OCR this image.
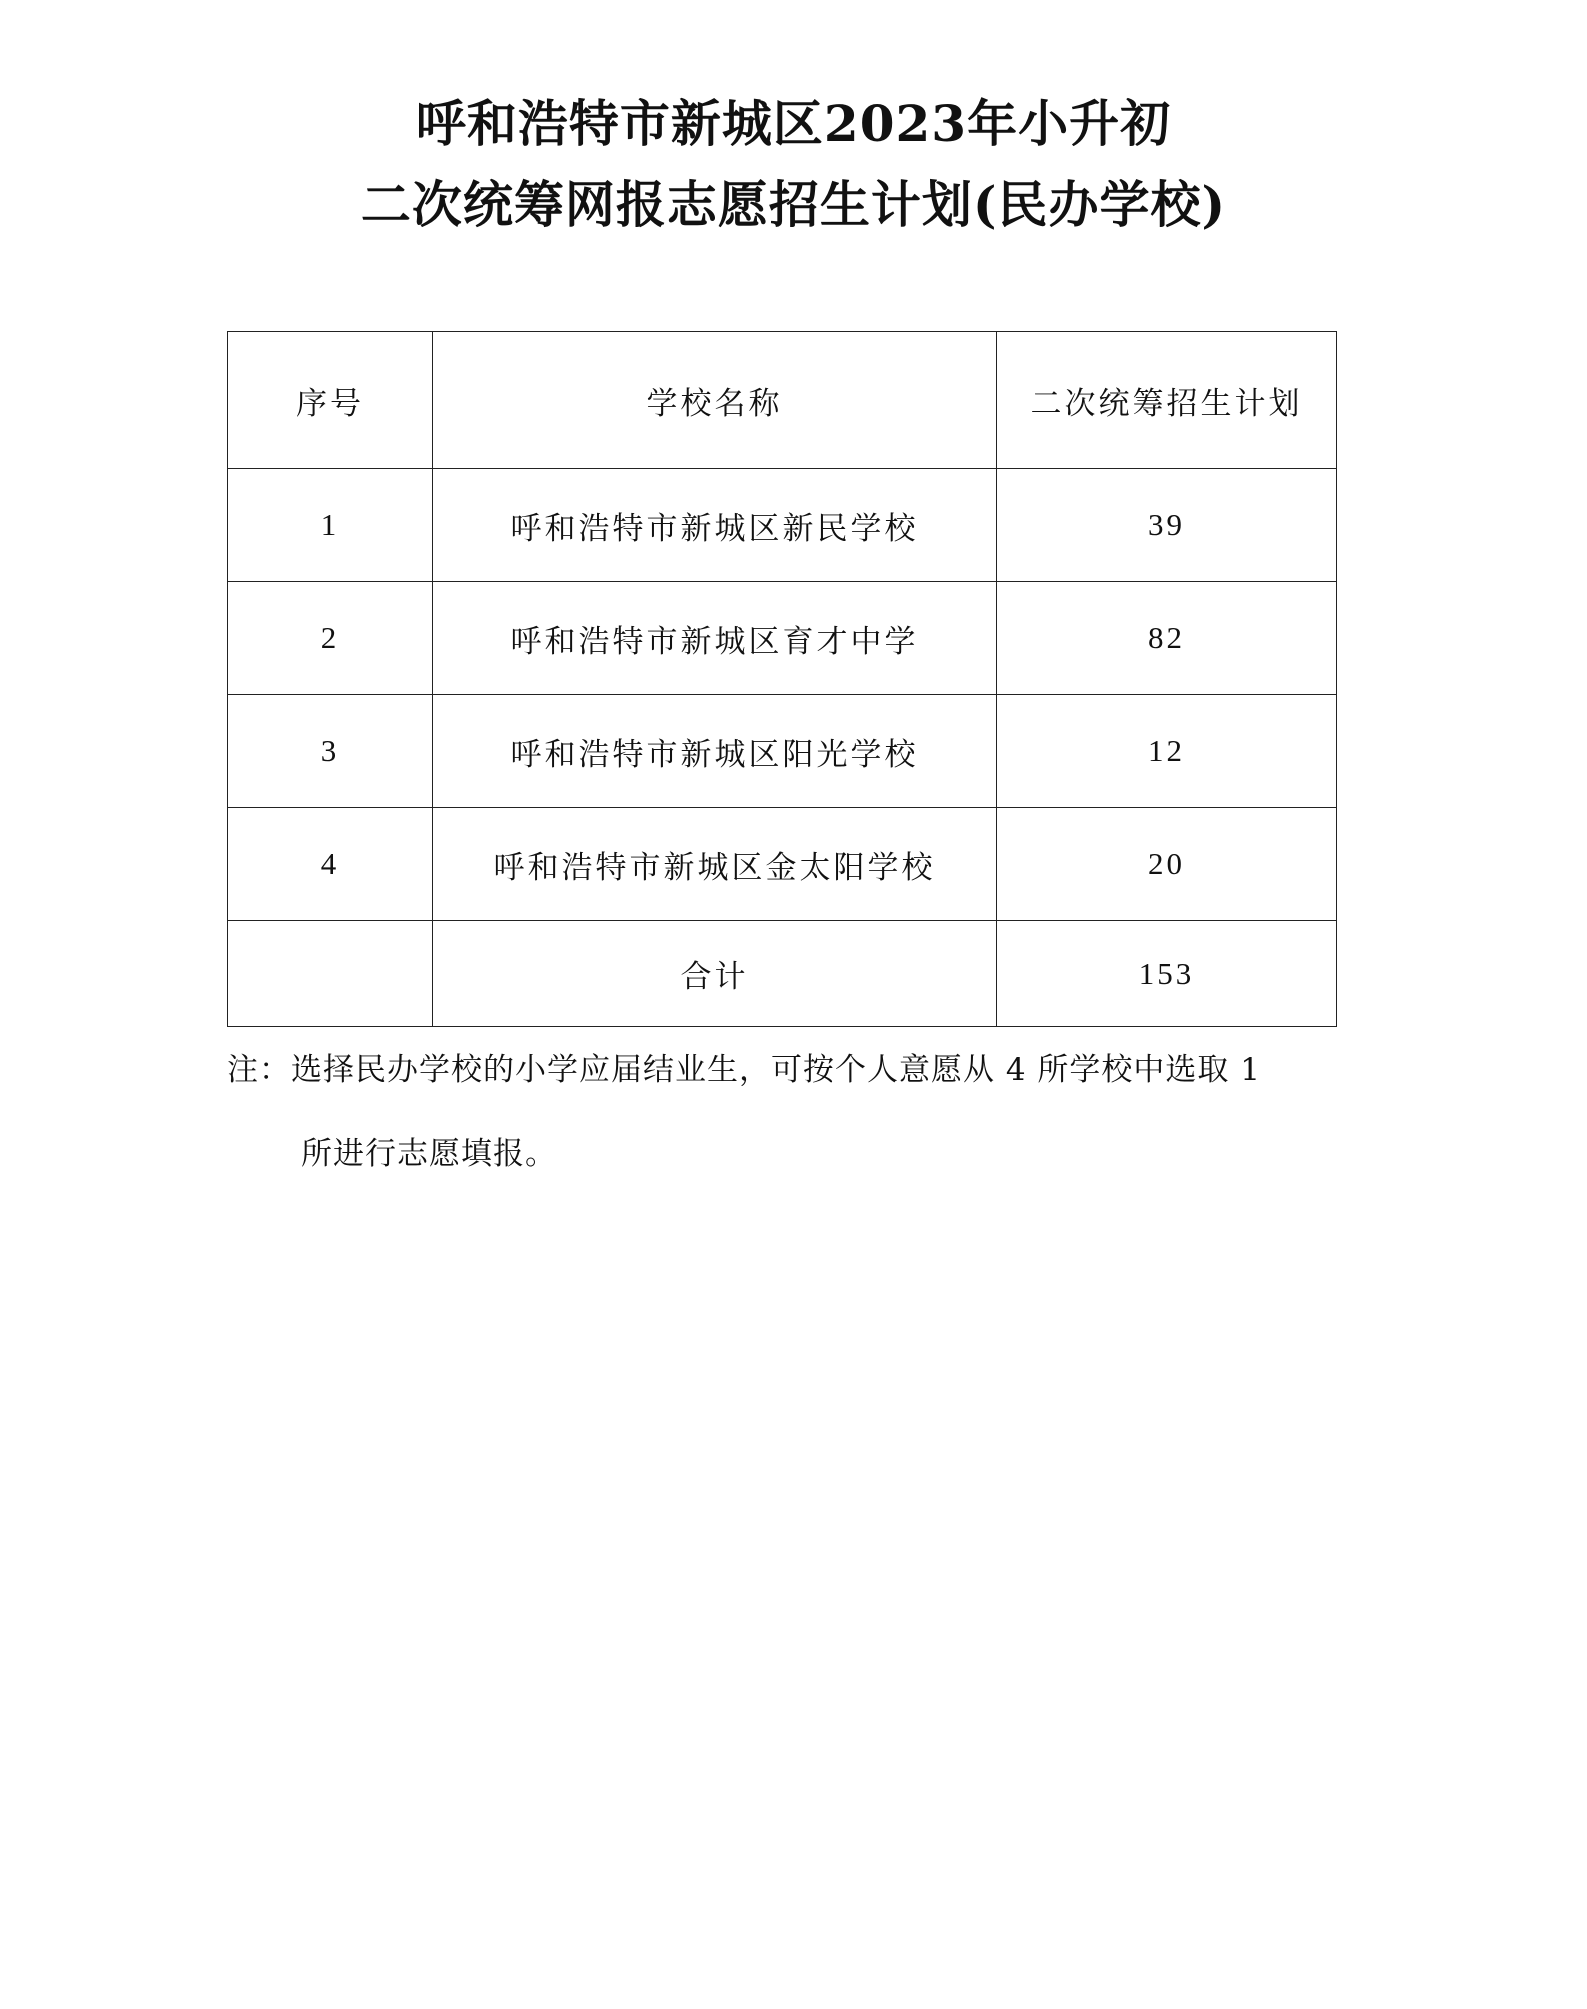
呼和浩特市新城区2023年小升初
二次统筹网报志愿招生计划(民办学校)
序号	学校名称	二次统筹招生计划
1	呼和浩特市新城区新民学校	39
2	呼和浩特市新城区育才中学	82
3	呼和浩特市新城区阳光学校	12
4	呼和浩特市新城区金太阳学校	20
	合计	153

注：选择民办学校的小学应届结业生，可按个人意愿从 4 所学校中选取 1

所进行志愿填报。
